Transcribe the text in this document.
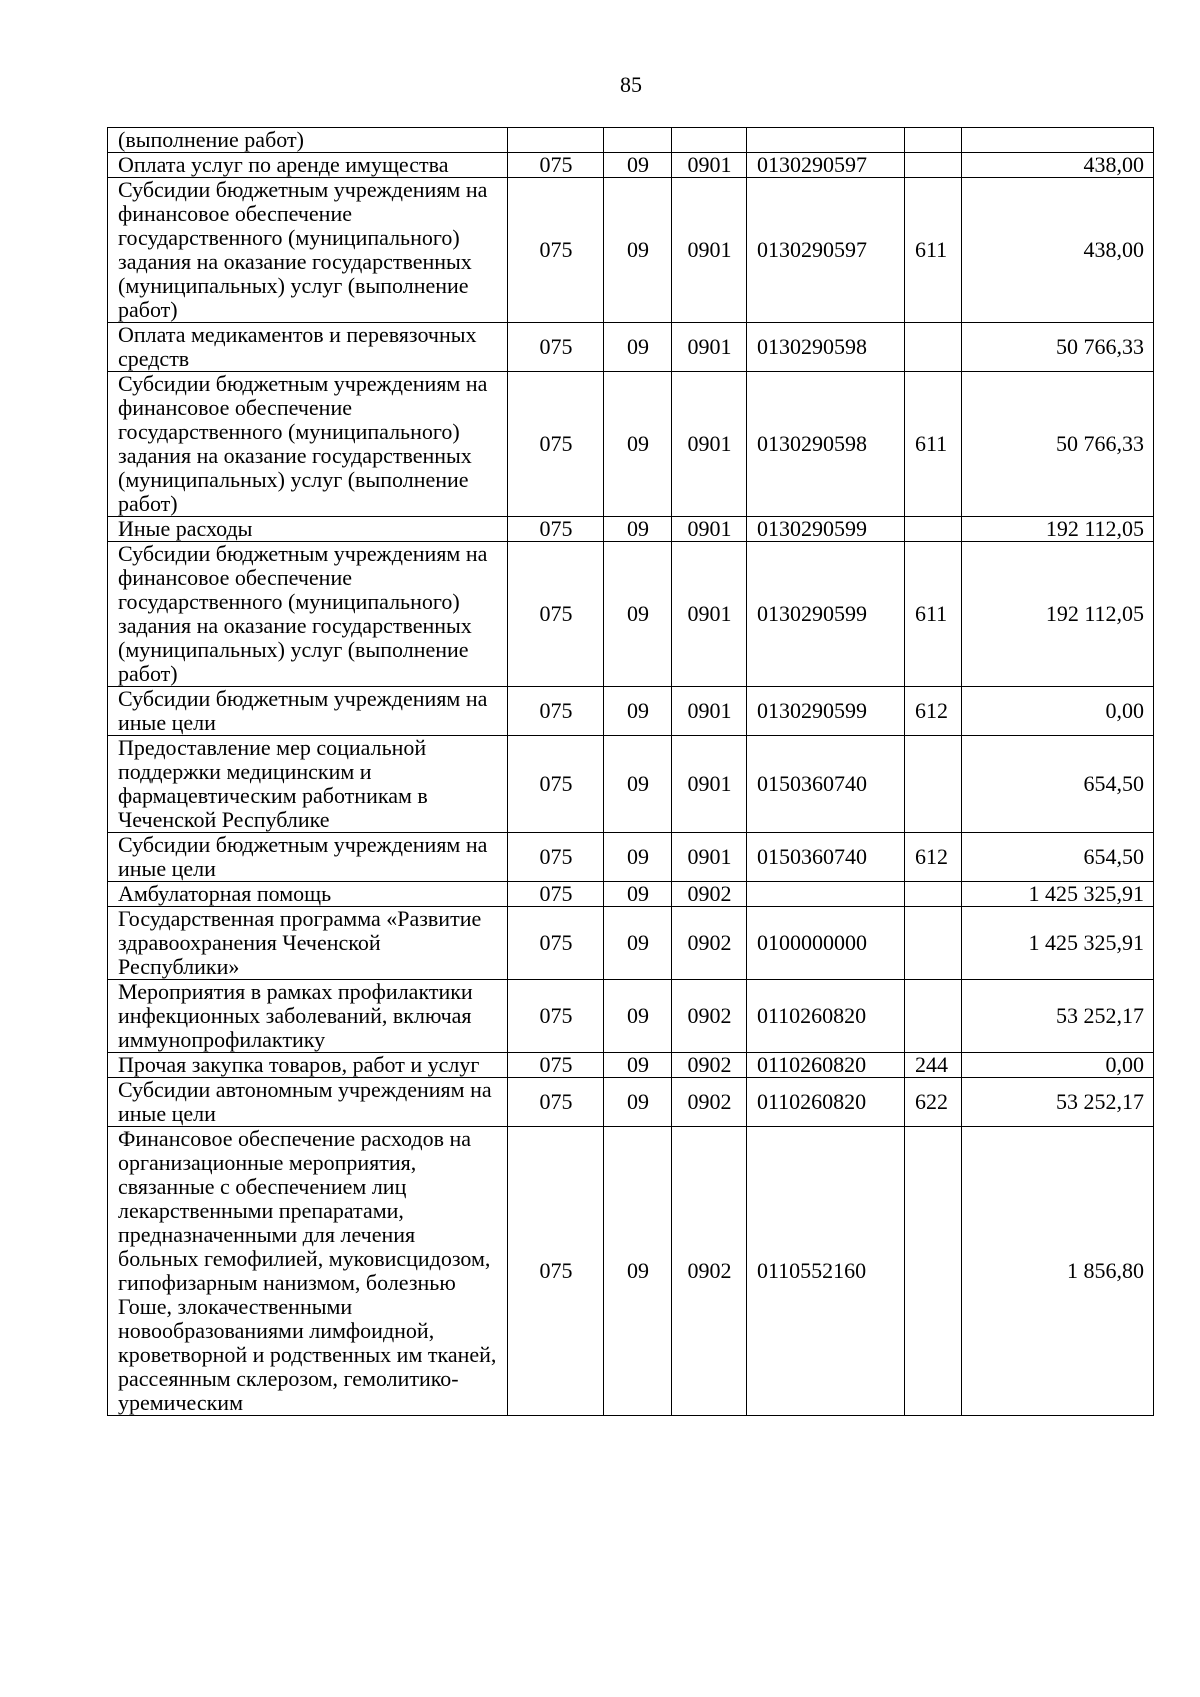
85
(выполнение работ)						
Оплата услуг по аренде имущества	075	09	0901	0130290597		438,00
Субсидии бюджетным учреждениям на финансовое обеспечение государственного (муниципального) задания на оказание государственных (муниципальных) услуг (выполнение работ)	075	09	0901	0130290597	611	438,00
Оплата медикаментов и перевязочных средств	075	09	0901	0130290598		50 766,33
Субсидии бюджетным учреждениям на финансовое обеспечение государственного (муниципального) задания на оказание государственных (муниципальных) услуг (выполнение работ)	075	09	0901	0130290598	611	50 766,33
Иные расходы	075	09	0901	0130290599		192 112,05
Субсидии бюджетным учреждениям на финансовое обеспечение государственного (муниципального) задания на оказание государственных (муниципальных) услуг (выполнение работ)	075	09	0901	0130290599	611	192 112,05
Субсидии бюджетным учреждениям на иные цели	075	09	0901	0130290599	612	0,00
Предоставление мер социальной поддержки медицинским и фармацевтическим работникам в Чеченской Республике	075	09	0901	0150360740		654,50
Субсидии бюджетным учреждениям на иные цели	075	09	0901	0150360740	612	654,50
Амбулаторная помощь	075	09	0902			1 425 325,91
Государственная программа «Развитие здравоохранения Чеченской Республики»	075	09	0902	0100000000		1 425 325,91
Мероприятия в рамках профилактики инфекционных заболеваний, включая иммунопрофилактику	075	09	0902	0110260820		53 252,17
Прочая закупка товаров, работ и услуг	075	09	0902	0110260820	244	0,00
Субсидии автономным учреждениям на иные цели	075	09	0902	0110260820	622	53 252,17
Финансовое обеспечение расходов на организационные мероприятия, связанные с обеспечением лиц лекарственными препаратами, предназначенными для лечения больных гемофилией, муковисцидозом, гипофизарным нанизмом, болезнью Гоше, злокачественными новообразованиями лимфоидной, кроветворной и родственных им тканей, рассеянным склерозом, гемолитико-уремическим	075	09	0902	0110552160		1 856,80
